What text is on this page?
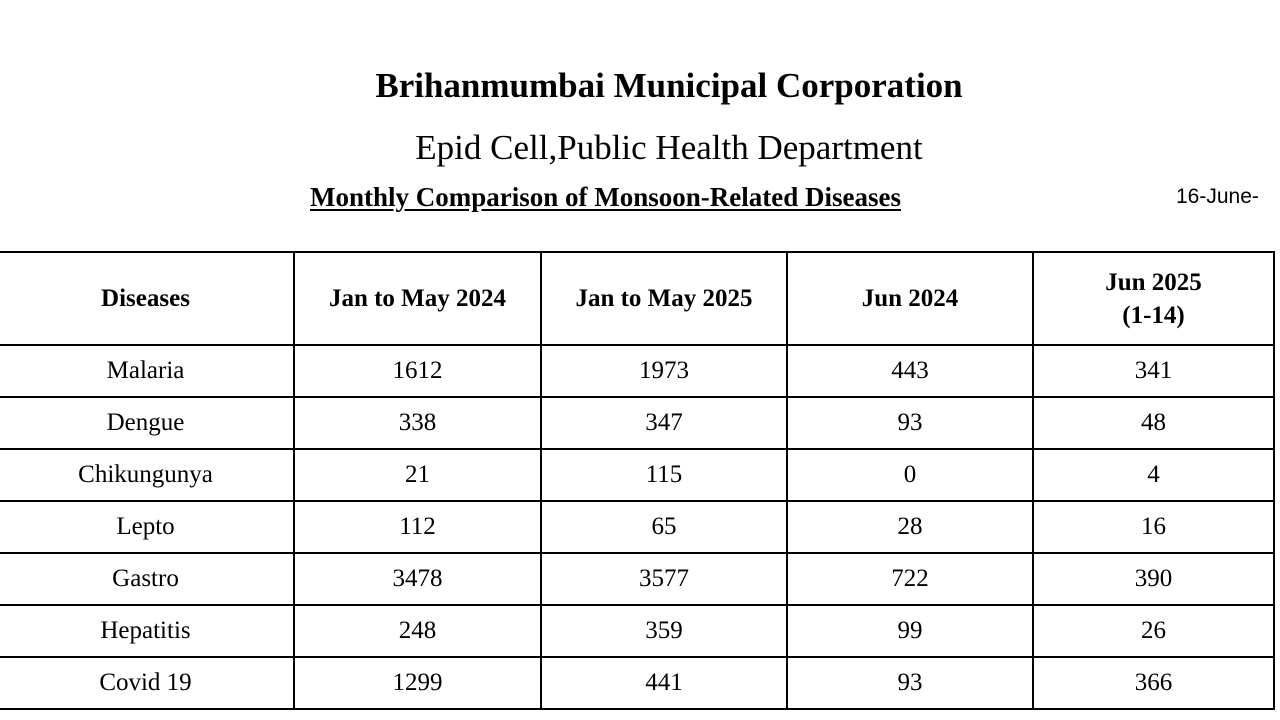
Brihanmumbai Municipal Corporation
Epid Cell,Public Health Department
Monthly Comparison of Monsoon-Related Diseases	16-June-
Diseases	Jan to May 2024	Jan to May 2025	Jun 2024	Jun 2025
(1-14)

Malaria	1612	1973	443	341
Dengue	338	347	93	48
Chikungunya	21	115	0	4
Lepto	112	65	28	16
Gastro	3478	3577	722	390
Hepatitis	248	359	99	26
Covid 19	1299	441	93	366
